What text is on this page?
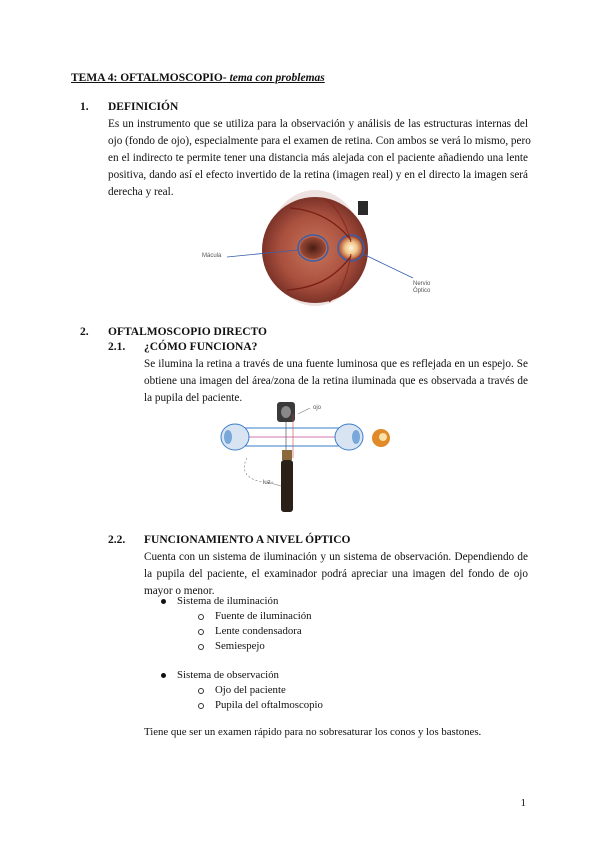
TEMA 4: OFTALMOSCOPIO- tema con problemas
1. DEFINICIÓN
Es un instrumento que se utiliza para la observación y análisis de las estructuras internas del
ojo (fondo de ojo), especialmente para el examen de retina. Con ambos se verá lo mismo, pero
en el indirecto te permite tener una distancia más alejada con el paciente añadiendo una lente
positiva, dando así el efecto invertido de la retina (imagen real) y en el directo la imagen será
derecha y real.
Mácula
Nervio
Óptico
2. OFTALMOSCOPIO DIRECTO
2.1. ¿CÓMO FUNCIONA?
Se ilumina la retina a través de una fuente luminosa que es reflejada en un espejo. Se
obtiene una imagen del área/zona de la retina iluminada que es observada a través de
la pupila del paciente.
ojo
luz
2.2. FUNCIONAMIENTO A NIVEL ÓPTICO
Cuenta con un sistema de iluminación y un sistema de observación. Dependiendo de
la pupila del paciente, el examinador podrá apreciar una imagen del fondo de ojo
mayor o menor.
Sistema de iluminación
Fuente de iluminación
Lente condensadora
Semiespejo
Sistema de observación
Ojo del paciente
Pupila del oftalmoscopio
Tiene que ser un examen rápido para no sobresaturar los conos y los bastones.
1
